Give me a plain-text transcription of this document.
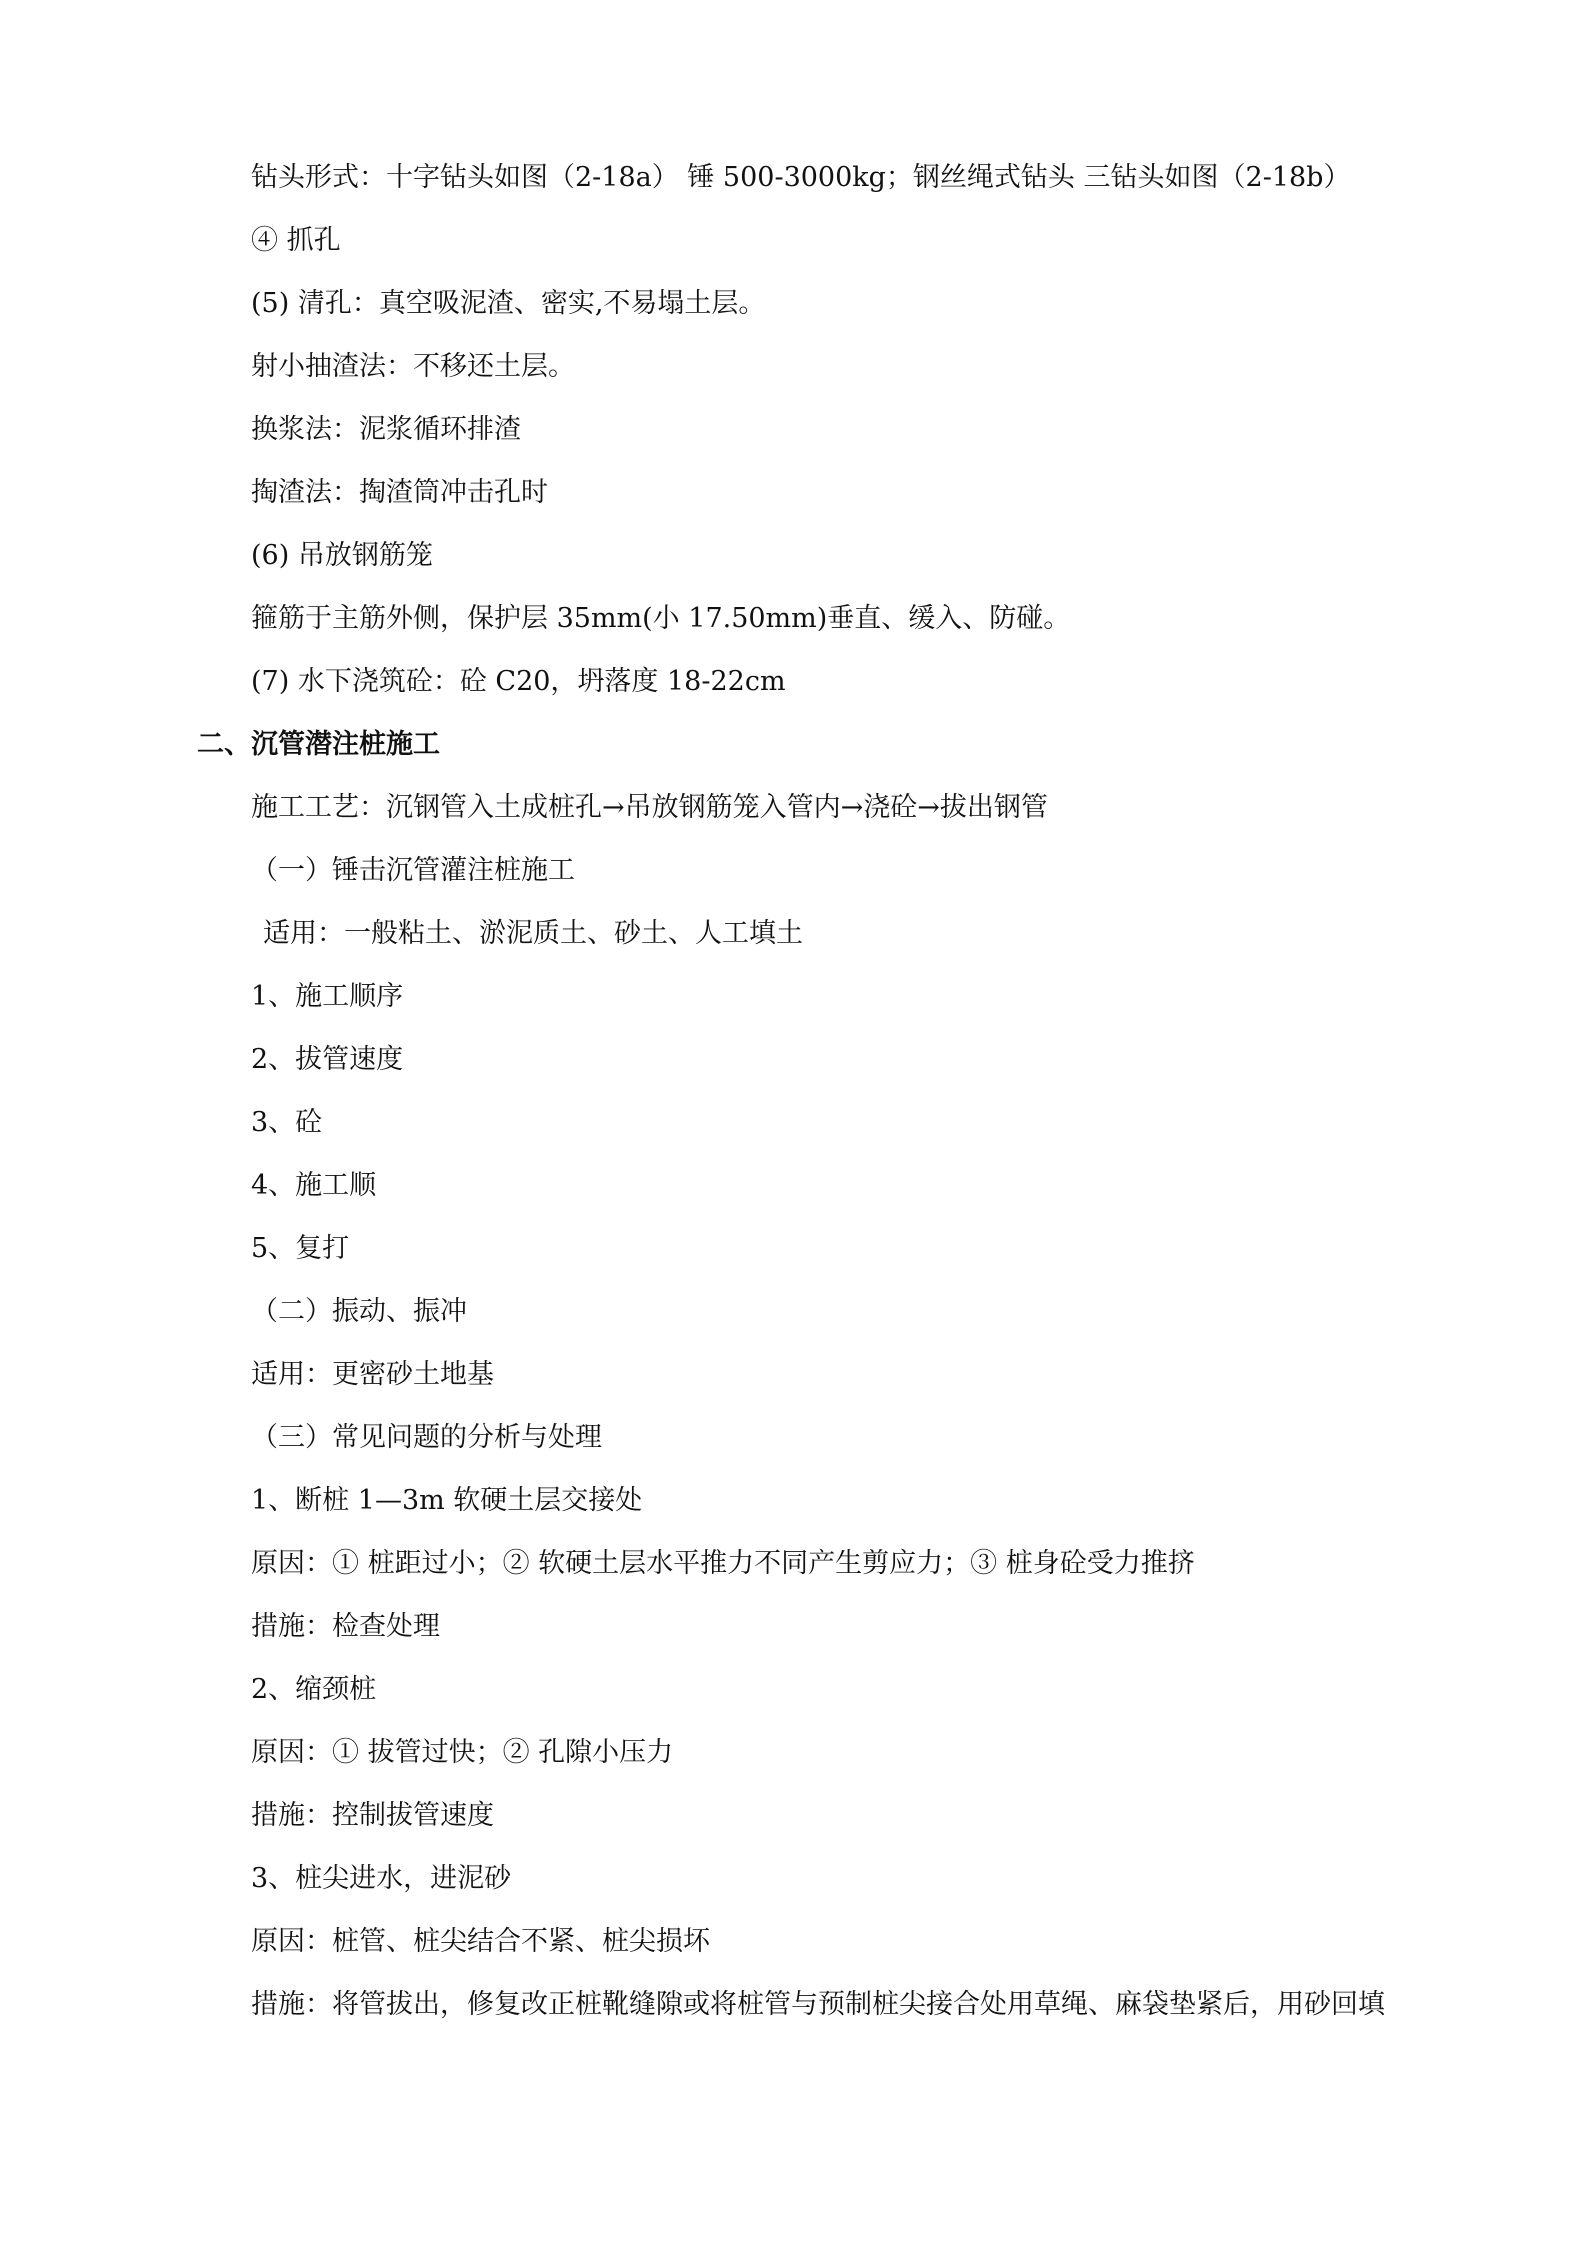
钻头形式：十字钻头如图（2-18a） 锤 500-3000kg；钢丝绳式钻头 三钻头如图（2-18b）
④ 抓孔
(5) 清孔：真空吸泥渣、密实,不易塌土层。
射小抽渣法：不移还土层。
换浆法：泥浆循环排渣
掏渣法：掏渣筒冲击孔时
(6) 吊放钢筋笼
箍筋于主筋外侧，保护层 35mm(小 17.50mm)垂直、缓入、防碰。
(7) 水下浇筑砼：砼 C20，坍落度 18-22cm
二、沉管潜注桩施工
施工工艺：沉钢管入土成桩孔→吊放钢筋笼入管内→浇砼→拔出钢管
（一）锤击沉管灌注桩施工
适用：一般粘土、淤泥质土、砂土、人工填土
1、施工顺序
2、拔管速度
3、砼
4、施工顺
5、复打
（二）振动、振冲
适用：更密砂土地基
（三）常见问题的分析与处理
1、断桩 1—3m 软硬土层交接处
原因：① 桩距过小；② 软硬土层水平推力不同产生剪应力；③ 桩身砼受力推挤
措施：检查处理
2、缩颈桩
原因：① 拔管过快；② 孔隙小压力
措施：控制拔管速度
3、桩尖进水，进泥砂
原因：桩管、桩尖结合不紧、桩尖损坏
措施：将管拔出，修复改正桩靴缝隙或将桩管与预制桩尖接合处用草绳、麻袋垫紧后，用砂回填
